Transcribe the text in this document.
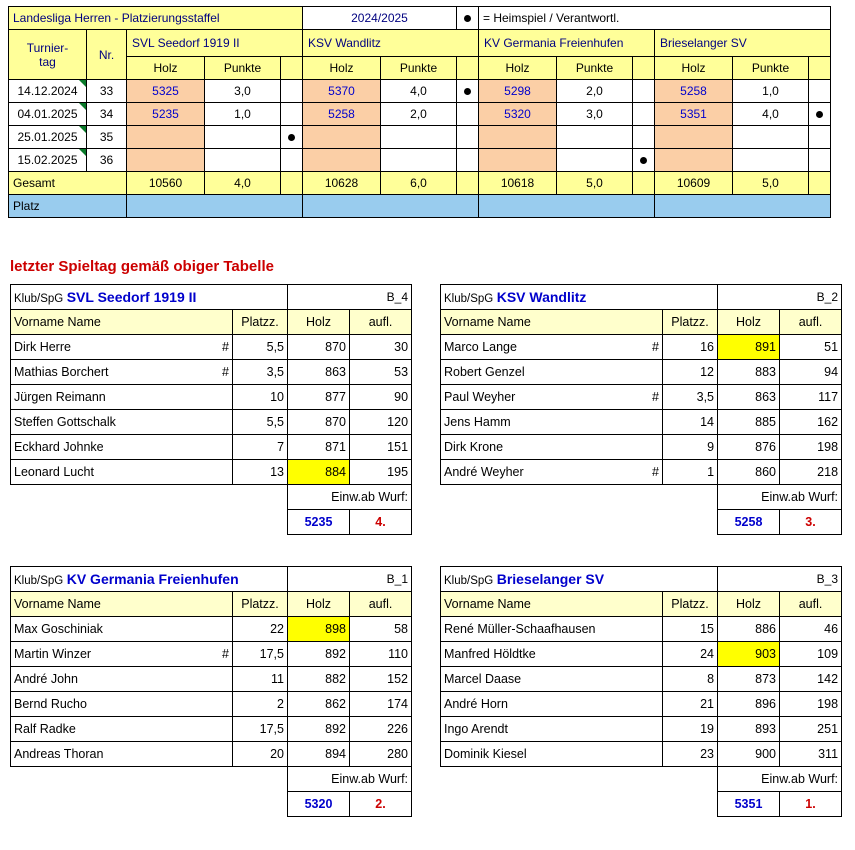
Landesliga Herren - Platzierungsstaffel					2024/2025			= Heimspiel / Verantwortl.					

Turnier-
tag	Nr.	SVL Seedorf 1919 II			KSV Wandlitz			KV Germania Freienhufen			Brieselanger SV		
		Holz	Punkte		Holz	Punkte		Holz	Punkte		Holz	Punkte	
14.12.2024	33	5325	3,0		5370	4,0		5298	2,0		5258	1,0	
04.01.2025	34	5235	1,0		5258	2,0		5320	3,0		5351	4,0	
25.01.2025	35												
15.02.2025	36												
Gesamt		10560	4,0		10628	6,0		10618	5,0		10609	5,0	
Platz													
letzter Spieltag gemäß obiger Tabelle
Klub/SpG SVL Seedorf 1919 II		B_4	
Vorname Name	Platzz.	Holz	aufl.
Dirk Herre #	5,5	870	30
Mathias Borchert #	3,5	863	53
Jürgen Reimann	10	877	90
Steffen Gottschalk	5,5	870	120
Eckhard Johnke	7	871	151
Leonard Lucht	13	884	195
		Einw.ab Wurf:	
		5235	4.
Klub/SpG KSV Wandlitz		B_2	
Vorname Name	Platzz.	Holz	aufl.
Marco Lange #	16	891	51
Robert Genzel	12	883	94
Paul Weyher #	3,5	863	117
Jens Hamm	14	885	162
Dirk Krone	9	876	198
André Weyher #	1	860	218
		Einw.ab Wurf:	
		5258	3.
Klub/SpG KV Germania Freienhufen		B_1	
Vorname Name	Platzz.	Holz	aufl.
Max Goschiniak	22	898	58
Martin Winzer #	17,5	892	110
André John	11	882	152
Bernd Rucho	2	862	174
Ralf Radke	17,5	892	226
Andreas Thoran	20	894	280
		Einw.ab Wurf:	
		5320	2.
Klub/SpG Brieselanger SV		B_3	
Vorname Name	Platzz.	Holz	aufl.
René Müller-Schaafhausen	15	886	46
Manfred Höldtke	24	903	109
Marcel Daase	8	873	142
André Horn	21	896	198
Ingo Arendt	19	893	251
Dominik Kiesel	23	900	311
		Einw.ab Wurf:	
		5351	1.
